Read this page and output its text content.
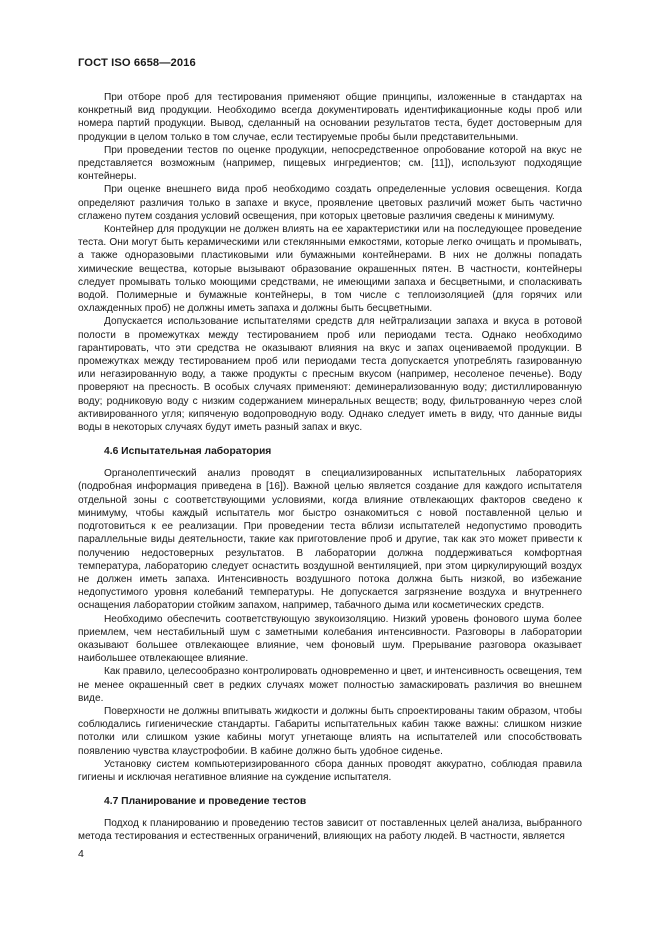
ГОСТ ISO 6658—2016

При отборе проб для тестирования применяют общие принципы, изложенные в стандартах на конкретный вид продукции. Необходимо всегда документировать идентификационные коды проб или номера партий продукции. Вывод, сделанный на основании результатов теста, будет достоверным для продукции в целом только в том случае, если тестируемые пробы были представительными.

При проведении тестов по оценке продукции, непосредственное опробование которой на вкус не представляется возможным (например, пищевых ингредиентов; см. [11]), используют подходящие контейнеры.

При оценке внешнего вида проб необходимо создать определенные условия освещения. Когда определяют различия только в запахе и вкусе, проявление цветовых различий может быть частично сглажено путем создания условий освещения, при которых цветовые различия сведены к минимуму.

Контейнер для продукции не должен влиять на ее характеристики или на последующее проведение теста. Они могут быть керамическими или стеклянными емкостями, которые легко очищать и промывать, а также одноразовыми пластиковыми или бумажными контейнерами. В них не должны попадать химические вещества, которые вызывают образование окрашенных пятен. В частности, контейнеры следует промывать только моющими средствами, не имеющими запаха и бесцветными, и споласкивать водой. Полимерные и бумажные контейнеры, в том числе с теплоизоляцией (для горячих или охлажденных проб) не должны иметь запаха и должны быть бесцветными.

Допускается использование испытателями средств для нейтрализации запаха и вкуса в ротовой полости в промежутках между тестированием проб или периодами теста. Однако необходимо гарантировать, что эти средства не оказывают влияния на вкус и запах оцениваемой продукции. В промежутках между тестированием проб или периодами теста допускается употреблять газированную или негазированную воду, а также продукты с пресным вкусом (например, несоленое печенье). Воду проверяют на пресность. В особых случаях применяют: деминерализованную воду; дистиллированную воду; родниковую воду с низким содержанием минеральных веществ; воду, фильтрованную через слой активированного угля; кипяченую водопроводную воду. Однако следует иметь в виду, что данные виды воды в некоторых случаях будут иметь разный запах и вкус.

4.6 Испытательная лаборатория

Органолептический анализ проводят в специализированных испытательных лабораториях (подробная информация приведена в [16]). Важной целью является создание для каждого испытателя отдельной зоны с соответствующими условиями, когда влияние отвлекающих факторов сведено к минимуму, чтобы каждый испытатель мог быстро ознакомиться с новой поставленной целью и подготовиться к ее реализации. При проведении теста вблизи испытателей недопустимо проводить параллельные виды деятельности, такие как приготовление проб и другие, так как это может привести к получению недостоверных результатов. В лаборатории должна поддерживаться комфортная температура, лабораторию следует оснастить воздушной вентиляцией, при этом циркулирующий воздух не должен иметь запаха. Интенсивность воздушного потока должна быть низкой, во избежание недопустимого уровня колебаний температуры. Не допускается загрязнение воздуха и внутреннего оснащения лаборатории стойким запахом, например, табачного дыма или косметических средств.

Необходимо обеспечить соответствующую звукоизоляцию. Низкий уровень фонового шума более приемлем, чем нестабильный шум с заметными колебания интенсивности. Разговоры в лаборатории оказывают большее отвлекающее влияние, чем фоновый шум. Прерывание разговора оказывает наибольшее отвлекающее влияние.

Как правило, целесообразно контролировать одновременно и цвет, и интенсивность освещения, тем не менее окрашенный свет в редких случаях может полностью замаскировать различия во внешнем виде.

Поверхности не должны впитывать жидкости и должны быть спроектированы таким образом, чтобы соблюдались гигиенические стандарты. Габариты испытательных кабин также важны: слишком низкие потолки или слишком узкие кабины могут угнетающе влиять на испытателей или способствовать появлению чувства клаустрофобии. В кабине должно быть удобное сиденье.

Установку систем компьютеризированного сбора данных проводят аккуратно, соблюдая правила гигиены и исключая негативное влияние на суждение испытателя.

4.7 Планирование и проведение тестов

Подход к планированию и проведению тестов зависит от поставленных целей анализа, выбранного метода тестирования и естественных ограничений, влияющих на работу людей. В частности, является

4
